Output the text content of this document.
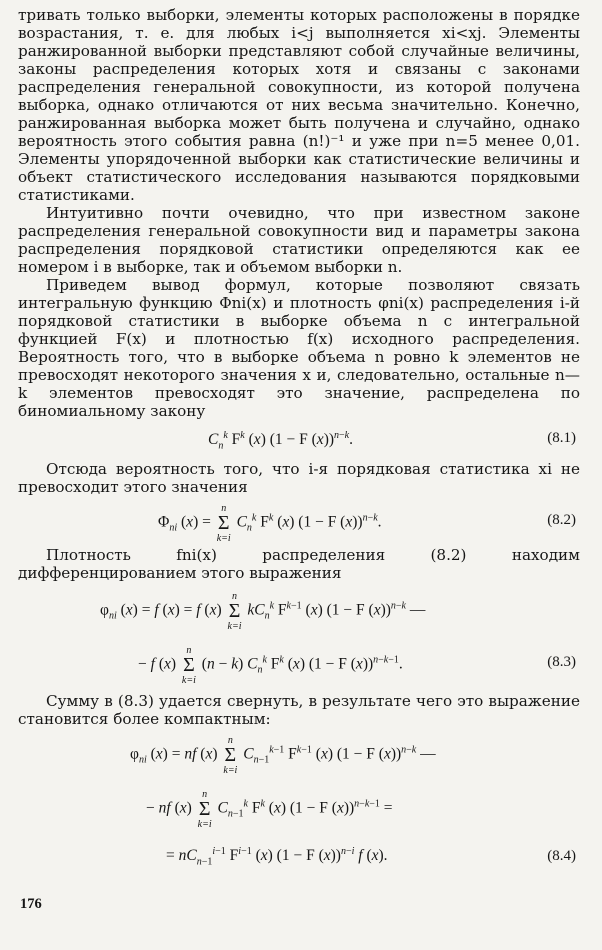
тривать только выборки, элементы которых расположены в порядке возрастания, т. е. для любых i<j выполняется xi<xj. Элементы ранжированной выборки представляют собой случайные величины, законы распределения которых хотя и связаны с законами распределения генеральной совокупности, из которой получена выборка, однако отличаются от них весьма значительно. Конечно, ранжированная выборка может быть получена и случайно, однако вероятность этого события равна (n!)⁻¹ и уже при n=5 менее 0,01. Элементы упорядоченной выборки как статистические величины и объект статистического исследования называются порядковыми статистиками.

Интуитивно почти очевидно, что при известном законе распределения генеральной совокупности вид и параметры закона распределения порядковой статистики определяются как ее номером i в выборке, так и объемом выборки n.

Приведем вывод формул, которые позволяют связать интегральную функцию Φni(x) и плотность φni(x) распределения i-й порядковой статистики в выборке объема n с интегральной функцией F(x) и плотностью f(x) исходного распределения. Вероятность того, что в выборке объема n ровно k элементов не превосходят некоторого значения x и, следовательно, остальные n—k элементов превосходят это значение, распределена по биномиальному закону

$C_n^k$ $F^k$ (x) (1 − F (x))$^{n-k}$.	(8.1)

Отсюда вероятность того, что i-я порядковая статистика xi не превосходит этого значения

$\Phi_{ni}$ (x) = n
Σ
k=i $C_n^k$ $F^k$ (x) (1 − F (x))$^{n-k}$.	(8.2)

Плотность fni(x) распределения (8.2) находим дифференцированием этого выражения

$\varphi_{ni}$ (x) = f (x) = f (x) n
Σ
k=i $kC_n^k$ $F^{k-1}$ (x) (1 − F (x))$^{n-k}$ —
− f (x) n
Σ
k=i (n − k) $C_n^k$ $F^k$ (x) (1 − F (x))$^{n-k-1}$.	(8.3)

Сумму в (8.3) удается свернуть, в результате чего это выражение становится более компактным:

$\varphi_{ni}$ (x) = nf (x) n
Σ
k=i $C_{n-1}^{k-1}$ $F^{k-1}$ (x) (1 − F (x))$^{n-k}$ —
− nf (x) n
Σ
k=i $C_{n-1}^k$ $F^k$ (x) (1 − F (x))$^{n-k-1}$ =
= $nC_{n-1}^{i-1}$ $F^{i-1}$ (x) (1 − F (x))$^{n-i}$ f (x).	(8.4)
176
